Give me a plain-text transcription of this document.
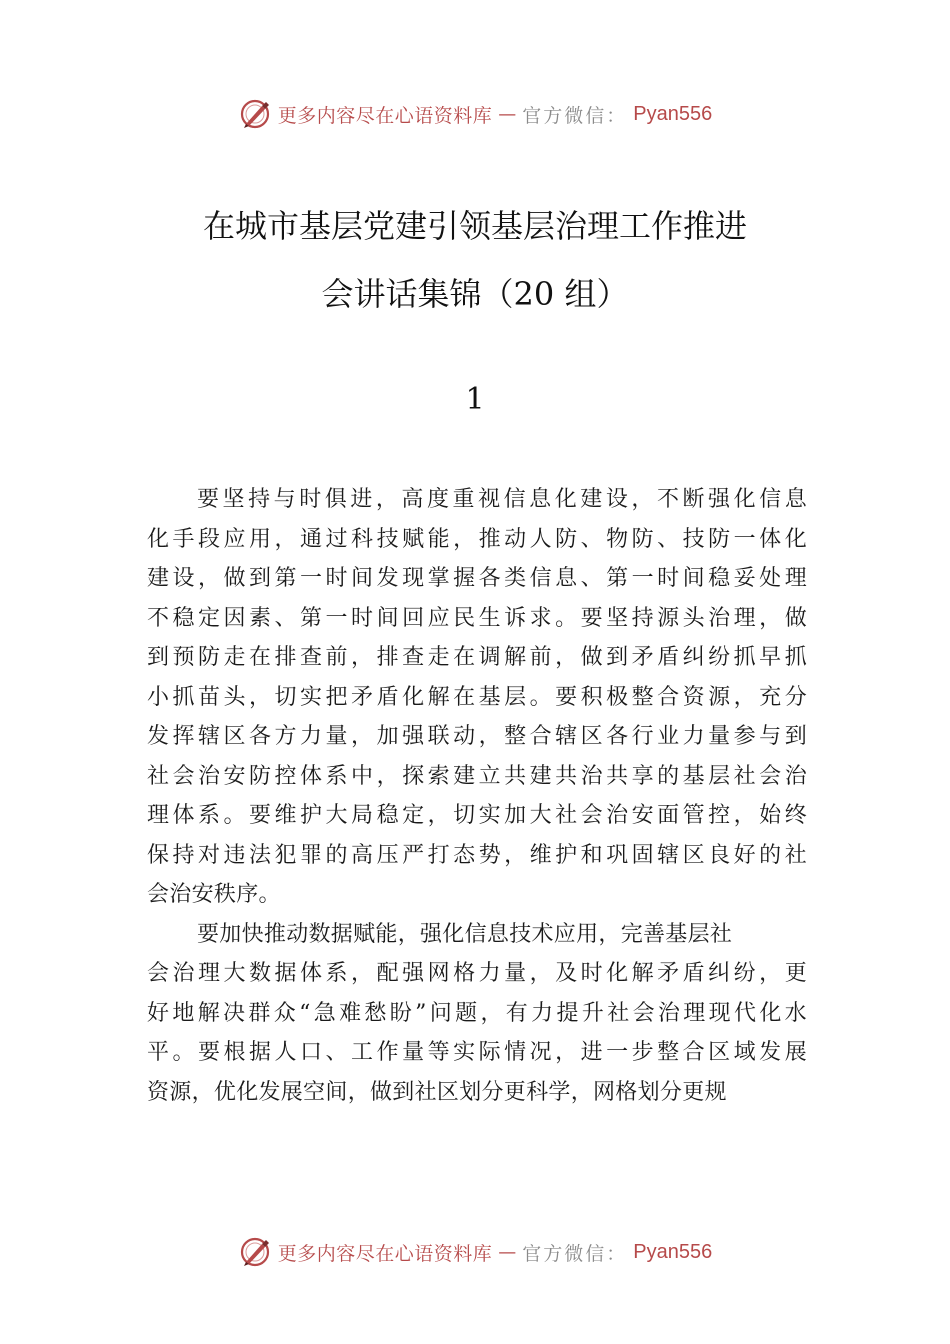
更多内容尽在心语资料库 — 官方微信： Pyan556
在城市基层党建引领基层治理工作推进
会讲话集锦（20 组）
1
要坚持与时俱进，高度重视信息化建设，不断强化信息
化手段应用，通过科技赋能，推动人防、物防、技防一体化
建设，做到第一时间发现掌握各类信息、第一时间稳妥处理
不稳定因素、第一时间回应民生诉求。要坚持源头治理，做
到预防走在排查前，排查走在调解前，做到矛盾纠纷抓早抓
小抓苗头，切实把矛盾化解在基层。要积极整合资源，充分
发挥辖区各方力量，加强联动，整合辖区各行业力量参与到
社会治安防控体系中，探索建立共建共治共享的基层社会治
理体系。要维护大局稳定，切实加大社会治安面管控，始终
保持对违法犯罪的高压严打态势，维护和巩固辖区良好的社
会治安秩序。
要加快推动数据赋能，强化信息技术应用，完善基层社
会治理大数据体系，配强网格力量，及时化解矛盾纠纷，更
好地解决群众“急难愁盼”问题，有力提升社会治理现代化水
平。要根据人口、工作量等实际情况，进一步整合区域发展
资源，优化发展空间，做到社区划分更科学，网格划分更规
更多内容尽在心语资料库 — 官方微信： Pyan556
